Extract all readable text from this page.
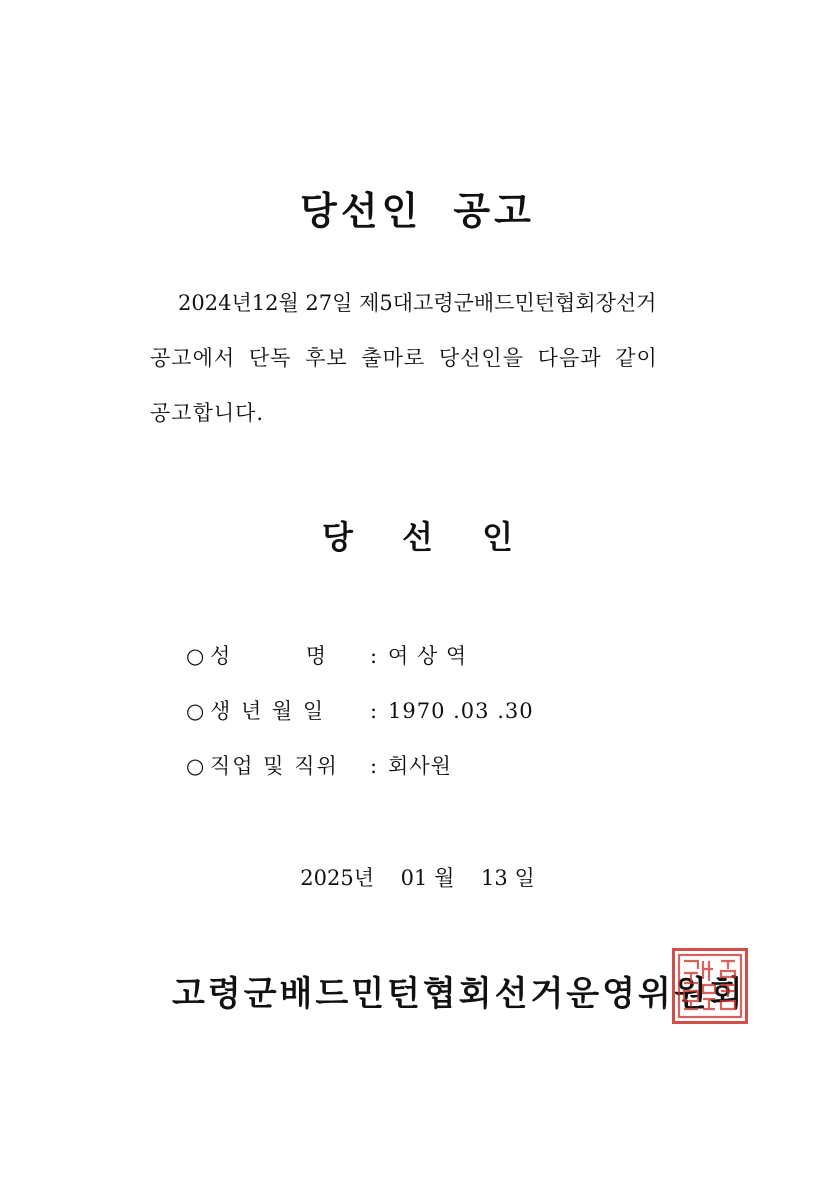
당선인 공고
2024년12월 27일 제5대고령군배드민턴협회장선거
공고에서 단독 후보 출마로 당선인을 다음과 같이
공고합니다.
당 선 인
○ 성	명 : 여 상 역
○ 생 년 월 일	: 1970 .03 .30
○ 직업 및 직위	: 회사원
2025년 01 월 13 일
고령군배드민턴협회선거운영위원회
